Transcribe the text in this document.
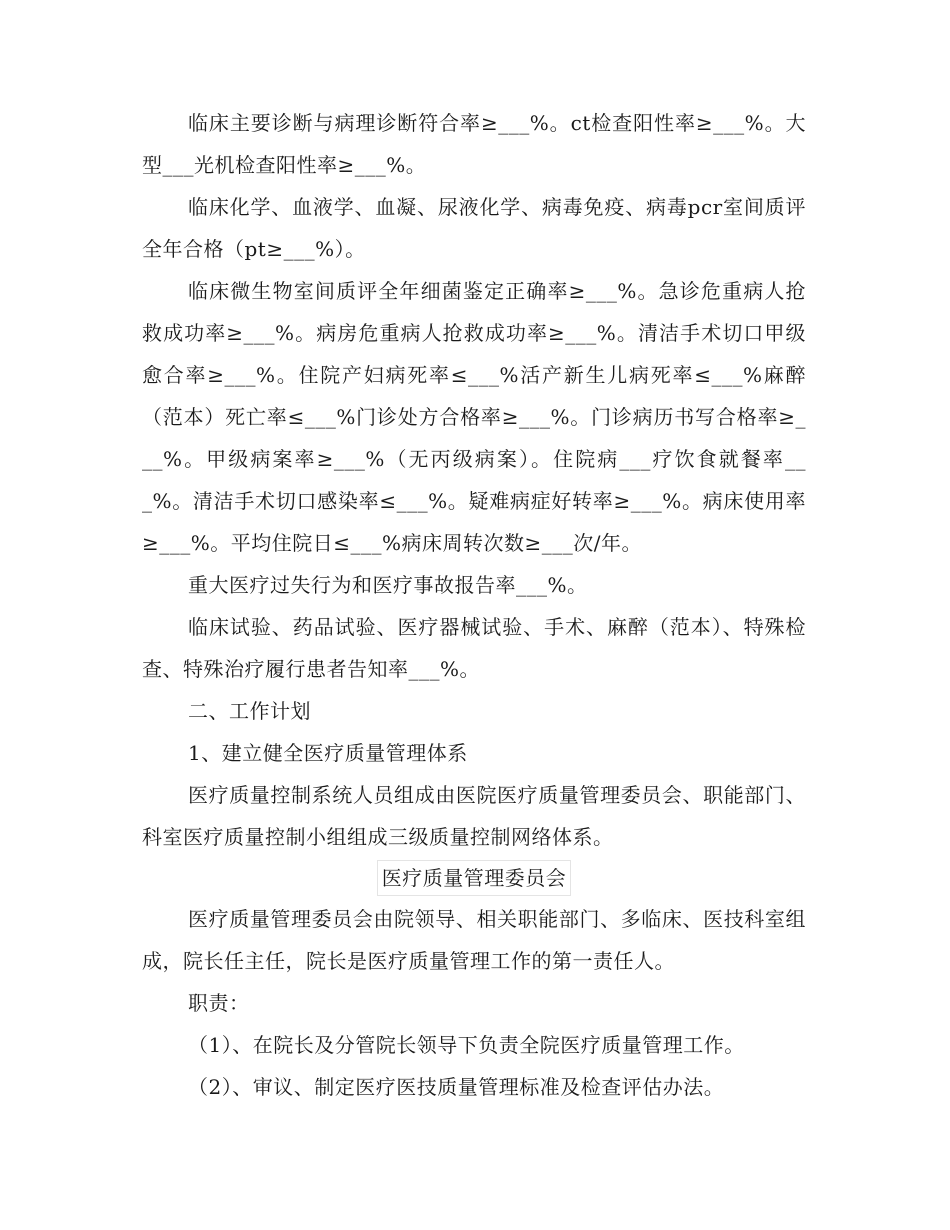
临床主要诊断与病理诊断符合率≥___%。ct检查阳性率≥___%。大型___光机检查阳性率≥___%。

临床化学、血液学、血凝、尿液化学、病毒免疫、病毒pcr室间质评全年合格（pt≥___%）。

临床微生物室间质评全年细菌鉴定正确率≥___%。急诊危重病人抢救成功率≥___%。病房危重病人抢救成功率≥___%。清洁手术切口甲级愈合率≥___%。住院产妇病死率≤___%活产新生儿病死率≤___%麻醉（范本）死亡率≤___%门诊处方合格率≥___%。门诊病历书写合格率≥___%。甲级病案率≥___%（无丙级病案）。住院病___疗饮食就餐率___%。清洁手术切口感染率≤___%。疑难病症好转率≥___%。病床使用率≥___%。平均住院日≤___%病床周转次数≥___次/年。

重大医疗过失行为和医疗事故报告率___%。

临床试验、药品试验、医疗器械试验、手术、麻醉（范本）、特殊检查、特殊治疗履行患者告知率___%。

二、工作计划

1、建立健全医疗质量管理体系

医疗质量控制系统人员组成由医院医疗质量管理委员会、职能部门、科室医疗质量控制小组组成三级质量控制网络体系。

医疗质量管理委员会

医疗质量管理委员会由院领导、相关职能部门、多临床、医技科室组成，院长任主任，院长是医疗质量管理工作的第一责任人。

职责：

（1）、在院长及分管院长领导下负责全院医疗质量管理工作。

（2）、审议、制定医疗医技质量管理标准及检查评估办法。
